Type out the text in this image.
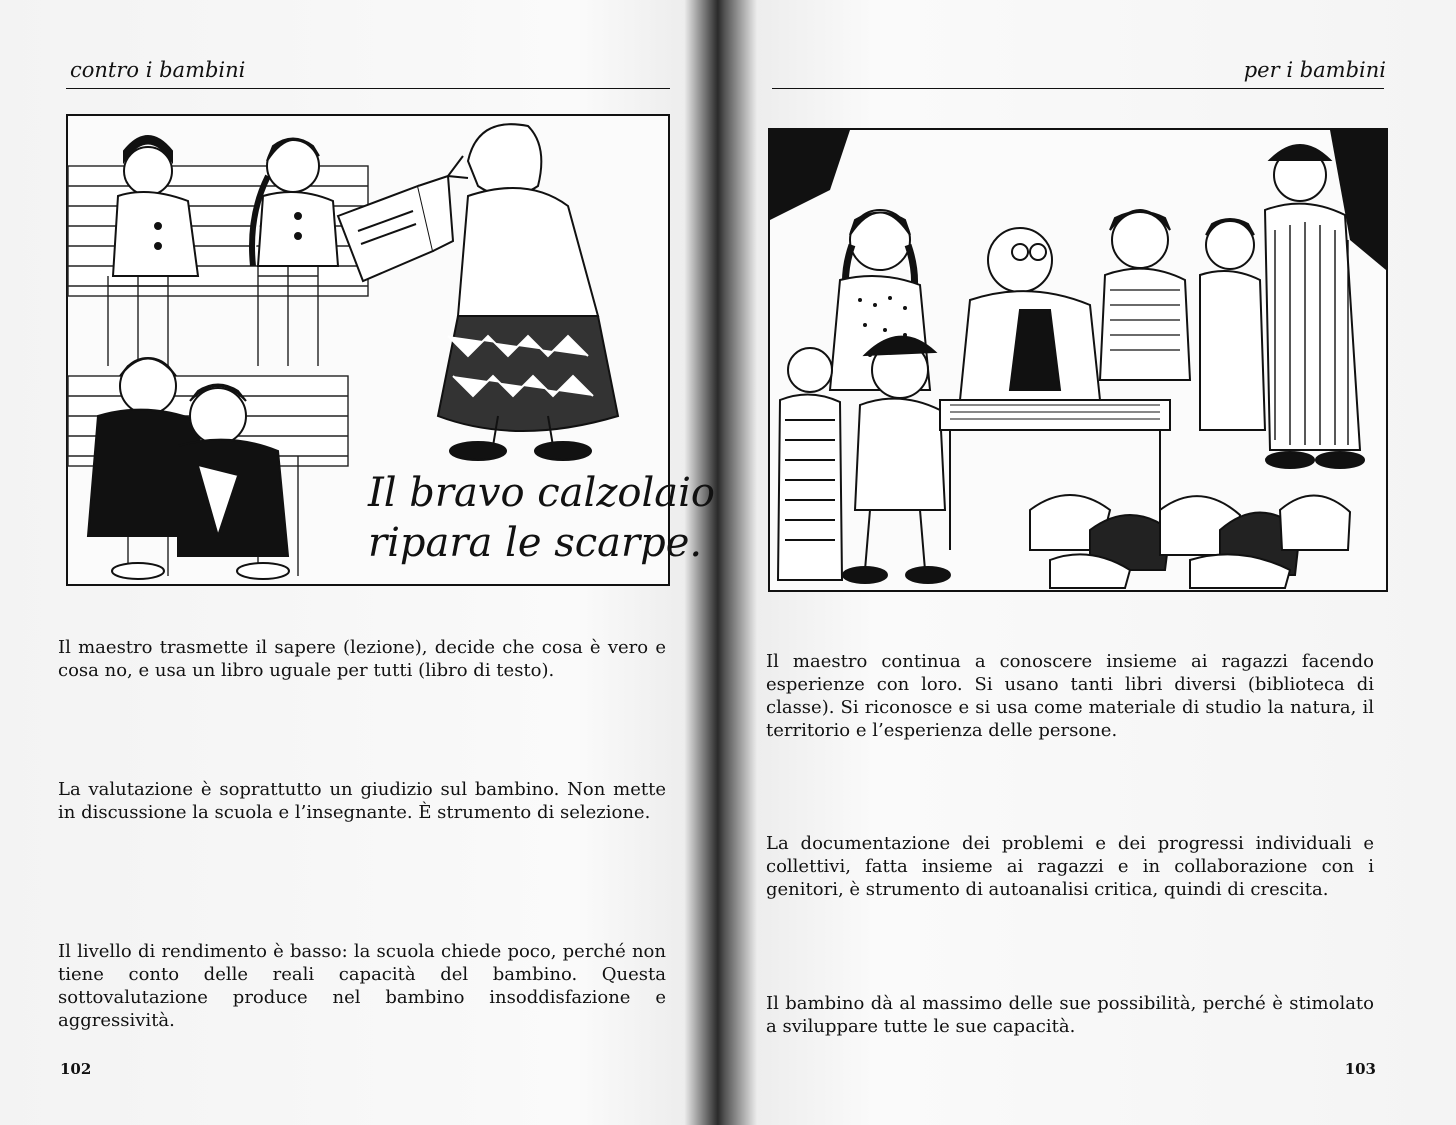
contro i bambini
Il bravo calzolaio
ripara le scarpe.

Il maestro trasmette il sapere (lezione), decide che cosa è vero e cosa no, e usa un libro uguale per tutti (libro di testo).

La valutazione è soprattutto un giudizio sul bambino. Non mette in discussione la scuola e l’insegnante. È strumento di selezione.

Il livello di rendimento è basso: la scuola chiede poco, perché non tiene conto delle reali capacità del bambino. Questa sottovalutazione produce nel bambino insoddisfazione e aggressività.

102
per i bambini

Il maestro continua a conoscere insieme ai ragazzi facendo esperienze con loro. Si usano tanti libri diversi (biblioteca di classe). Si riconosce e si usa come materiale di studio la natura, il territorio e l’esperienza delle persone.

La documentazione dei problemi e dei progressi individuali e collettivi, fatta insieme ai ragazzi e in collaborazione con i genitori, è strumento di autoanalisi critica, quindi di crescita.

Il bambino dà al massimo delle sue possibilità, perché è stimolato a sviluppare tutte le sue capacità.

103
